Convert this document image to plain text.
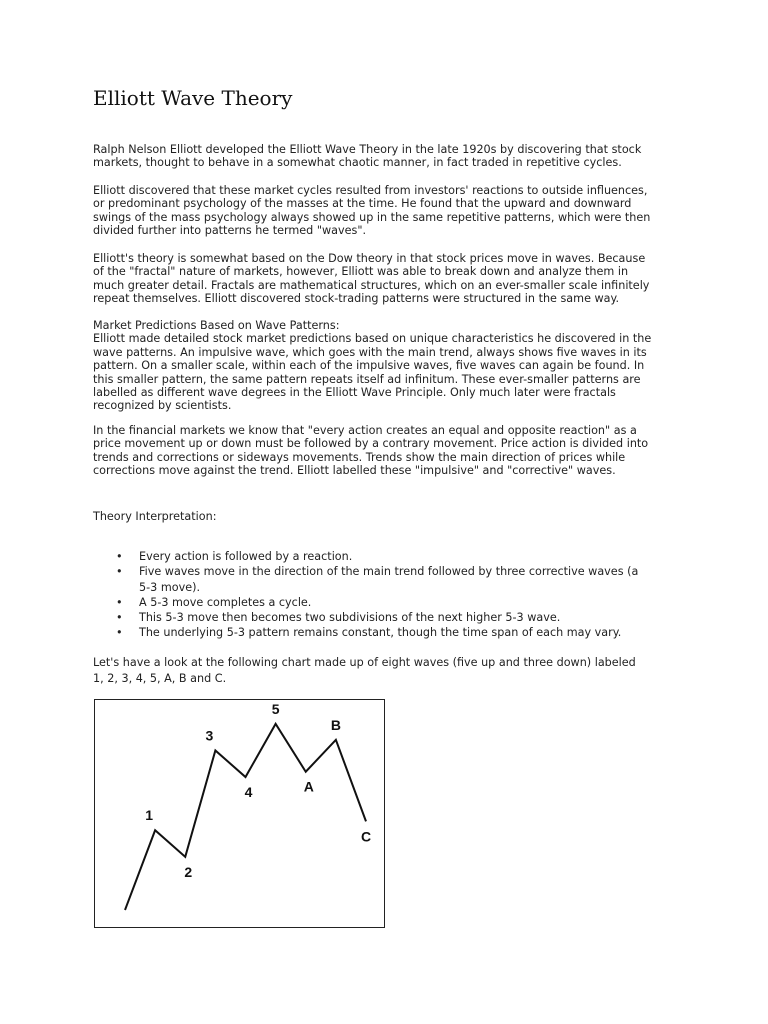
Elliott Wave Theory
Ralph Nelson Elliott developed the Elliott Wave Theory in the late 1920s by discovering that stock
markets, thought to behave in a somewhat chaotic manner, in fact traded in repetitive cycles.
Elliott discovered that these market cycles resulted from investors' reactions to outside influences,
or predominant psychology of the masses at the time. He found that the upward and downward
swings of the mass psychology always showed up in the same repetitive patterns, which were then
divided further into patterns he termed "waves".
Elliott's theory is somewhat based on the Dow theory in that stock prices move in waves. Because
of the "fractal" nature of markets, however, Elliott was able to break down and analyze them in
much greater detail. Fractals are mathematical structures, which on an ever-smaller scale infinitely
repeat themselves. Elliott discovered stock-trading patterns were structured in the same way.
Market Predictions Based on Wave Patterns:
Elliott made detailed stock market predictions based on unique characteristics he discovered in the
wave patterns. An impulsive wave, which goes with the main trend, always shows five waves in its
pattern. On a smaller scale, within each of the impulsive waves, five waves can again be found. In
this smaller pattern, the same pattern repeats itself ad infinitum. These ever-smaller patterns are
labelled as different wave degrees in the Elliott Wave Principle. Only much later were fractals
recognized by scientists.
In the financial markets we know that "every action creates an equal and opposite reaction" as a
price movement up or down must be followed by a contrary movement. Price action is divided into
trends and corrections or sideways movements. Trends show the main direction of prices while
corrections move against the trend. Elliott labelled these "impulsive" and "corrective" waves.
Theory Interpretation:
• Every action is followed by a reaction.
• Five waves move in the direction of the main trend followed by three corrective waves (a
5-3 move).
• A 5-3 move completes a cycle.
• This 5-3 move then becomes two subdivisions of the next higher 5-3 wave.
• The underlying 5-3 pattern remains constant, though the time span of each may vary.
Let's have a look at the following chart made up of eight waves (five up and three down) labeled
1, 2, 3, 4, 5, A, B and C.
1
2
3
4
5
A
B
C
